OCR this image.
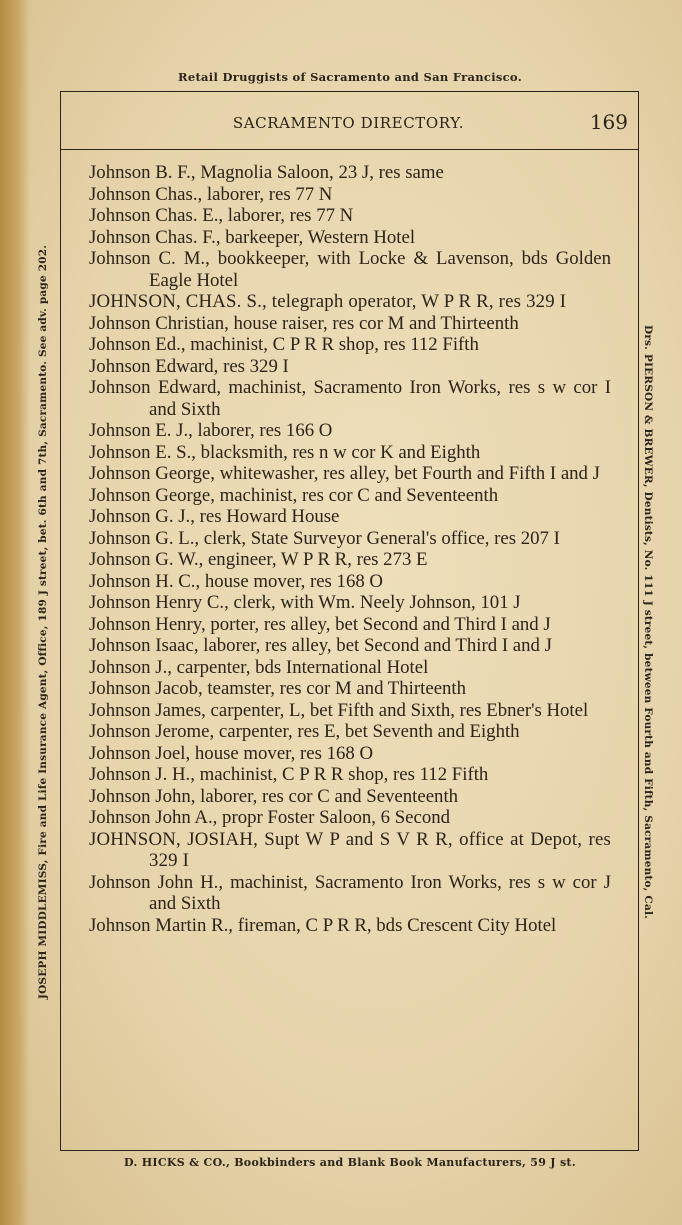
Retail Druggists of Sacramento and San Francisco.
JOSEPH MIDDLEMISS, Fire and Life Insurance Agent, Office, 189 J street, bet. 6th and 7th, Sacramento. See adv. page 202.	Drs. PIERSON & BREWER, Dentists, No. 111 J street, between Fourth and Fifth, Sacramento, Cal.
SACRAMENTO DIRECTORY.	169

Johnson B. F., Magnolia Saloon, 23 J, res same

Johnson Chas., laborer, res 77 N

Johnson Chas. E., laborer, res 77 N

Johnson Chas. F., barkeeper, Western Hotel

Johnson C. M., bookkeeper, with Locke & Lavenson, bds Golden Eagle Hotel

JOHNSON, CHAS. S., telegraph operator, W P R R, res 329 I

Johnson Christian, house raiser, res cor M and Thirteenth

Johnson Ed., machinist, C P R R shop, res 112 Fifth

Johnson Edward, res 329 I

Johnson Edward, machinist, Sacramento Iron Works, res s w cor I and Sixth

Johnson E. J., laborer, res 166 O

Johnson E. S., blacksmith, res n w cor K and Eighth

Johnson George, whitewasher, res alley, bet Fourth and Fifth I and J

Johnson George, machinist, res cor C and Seventeenth

Johnson G. J., res Howard House

Johnson G. L., clerk, State Surveyor General's office, res 207 I

Johnson G. W., engineer, W P R R, res 273 E

Johnson H. C., house mover, res 168 O

Johnson Henry C., clerk, with Wm. Neely Johnson, 101 J

Johnson Henry, porter, res alley, bet Second and Third I and J

Johnson Isaac, laborer, res alley, bet Second and Third I and J

Johnson J., carpenter, bds International Hotel

Johnson Jacob, teamster, res cor M and Thirteenth

Johnson James, carpenter, L, bet Fifth and Sixth, res Ebner's Hotel

Johnson Jerome, carpenter, res E, bet Seventh and Eighth

Johnson Joel, house mover, res 168 O

Johnson J. H., machinist, C P R R shop, res 112 Fifth

Johnson John, laborer, res cor C and Seventeenth

Johnson John A., propr Foster Saloon, 6 Second

JOHNSON, JOSIAH, Supt W P and S V R R, office at Depot, res 329 I

Johnson John H., machinist, Sacramento Iron Works, res s w cor J and Sixth

Johnson Martin R., fireman, C P R R, bds Crescent City Hotel

D. HICKS & CO., Bookbinders and Blank Book Manufacturers, 59 J st.
